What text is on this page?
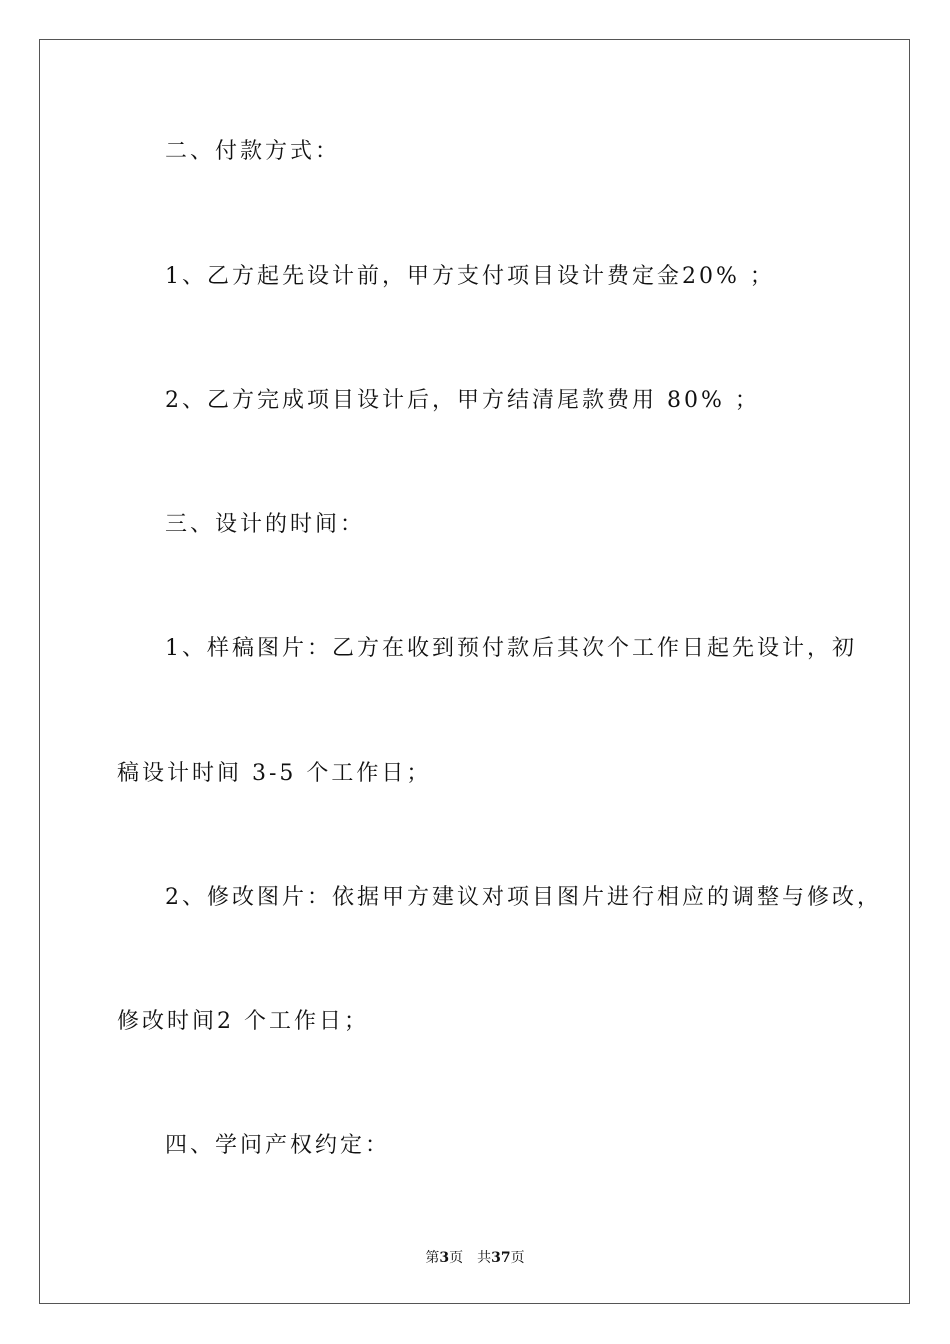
二、付款方式：
1、乙方起先设计前，甲方支付项目设计费定金20% ；
2、乙方完成项目设计后，甲方结清尾款费用 80% ；
三、设计的时间：
1、样稿图片：乙方在收到预付款后其次个工作日起先设计，初
稿设计时间 3-5 个工作日；
2、修改图片：依据甲方建议对项目图片进行相应的调整与修改，
修改时间2 个工作日；
四、学问产权约定：
第3页 共37页
